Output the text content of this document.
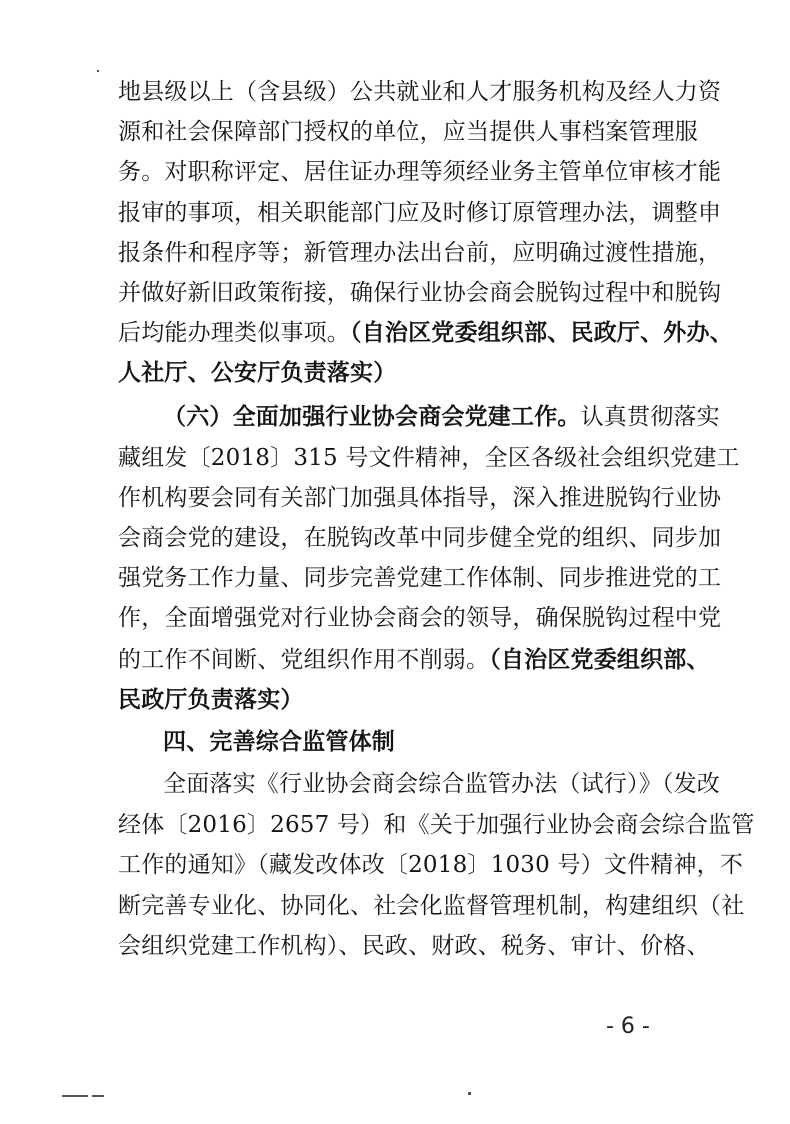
地县级以上（含县级）公共就业和人才服务机构及经人力资
源和社会保障部门授权的单位，应当提供人事档案管理服
务。对职称评定、居住证办理等须经业务主管单位审核才能
报审的事项，相关职能部门应及时修订原管理办法，调整申
报条件和程序等；新管理办法出台前，应明确过渡性措施，
并做好新旧政策衔接，确保行业协会商会脱钩过程中和脱钩
后均能办理类似事项。（自治区党委组织部、民政厅、外办、
人社厅、公安厅负责落实）
（六）全面加强行业协会商会党建工作。认真贯彻落实
藏组发〔2018〕315 号文件精神，全区各级社会组织党建工
作机构要会同有关部门加强具体指导，深入推进脱钩行业协
会商会党的建设，在脱钩改革中同步健全党的组织、同步加
强党务工作力量、同步完善党建工作体制、同步推进党的工
作，全面增强党对行业协会商会的领导，确保脱钩过程中党
的工作不间断、党组织作用不削弱。（自治区党委组织部、
民政厅负责落实）
四、完善综合监管体制
全面落实《行业协会商会综合监管办法（试行）》（发改
经体〔2016〕2657 号）和《关于加强行业协会商会综合监管
工作的通知》（藏发改体改〔2018〕1030 号）文件精神，不
断完善专业化、协同化、社会化监督管理机制，构建组织（社
会组织党建工作机构）、民政、财政、税务、审计、价格、
- 6 -
